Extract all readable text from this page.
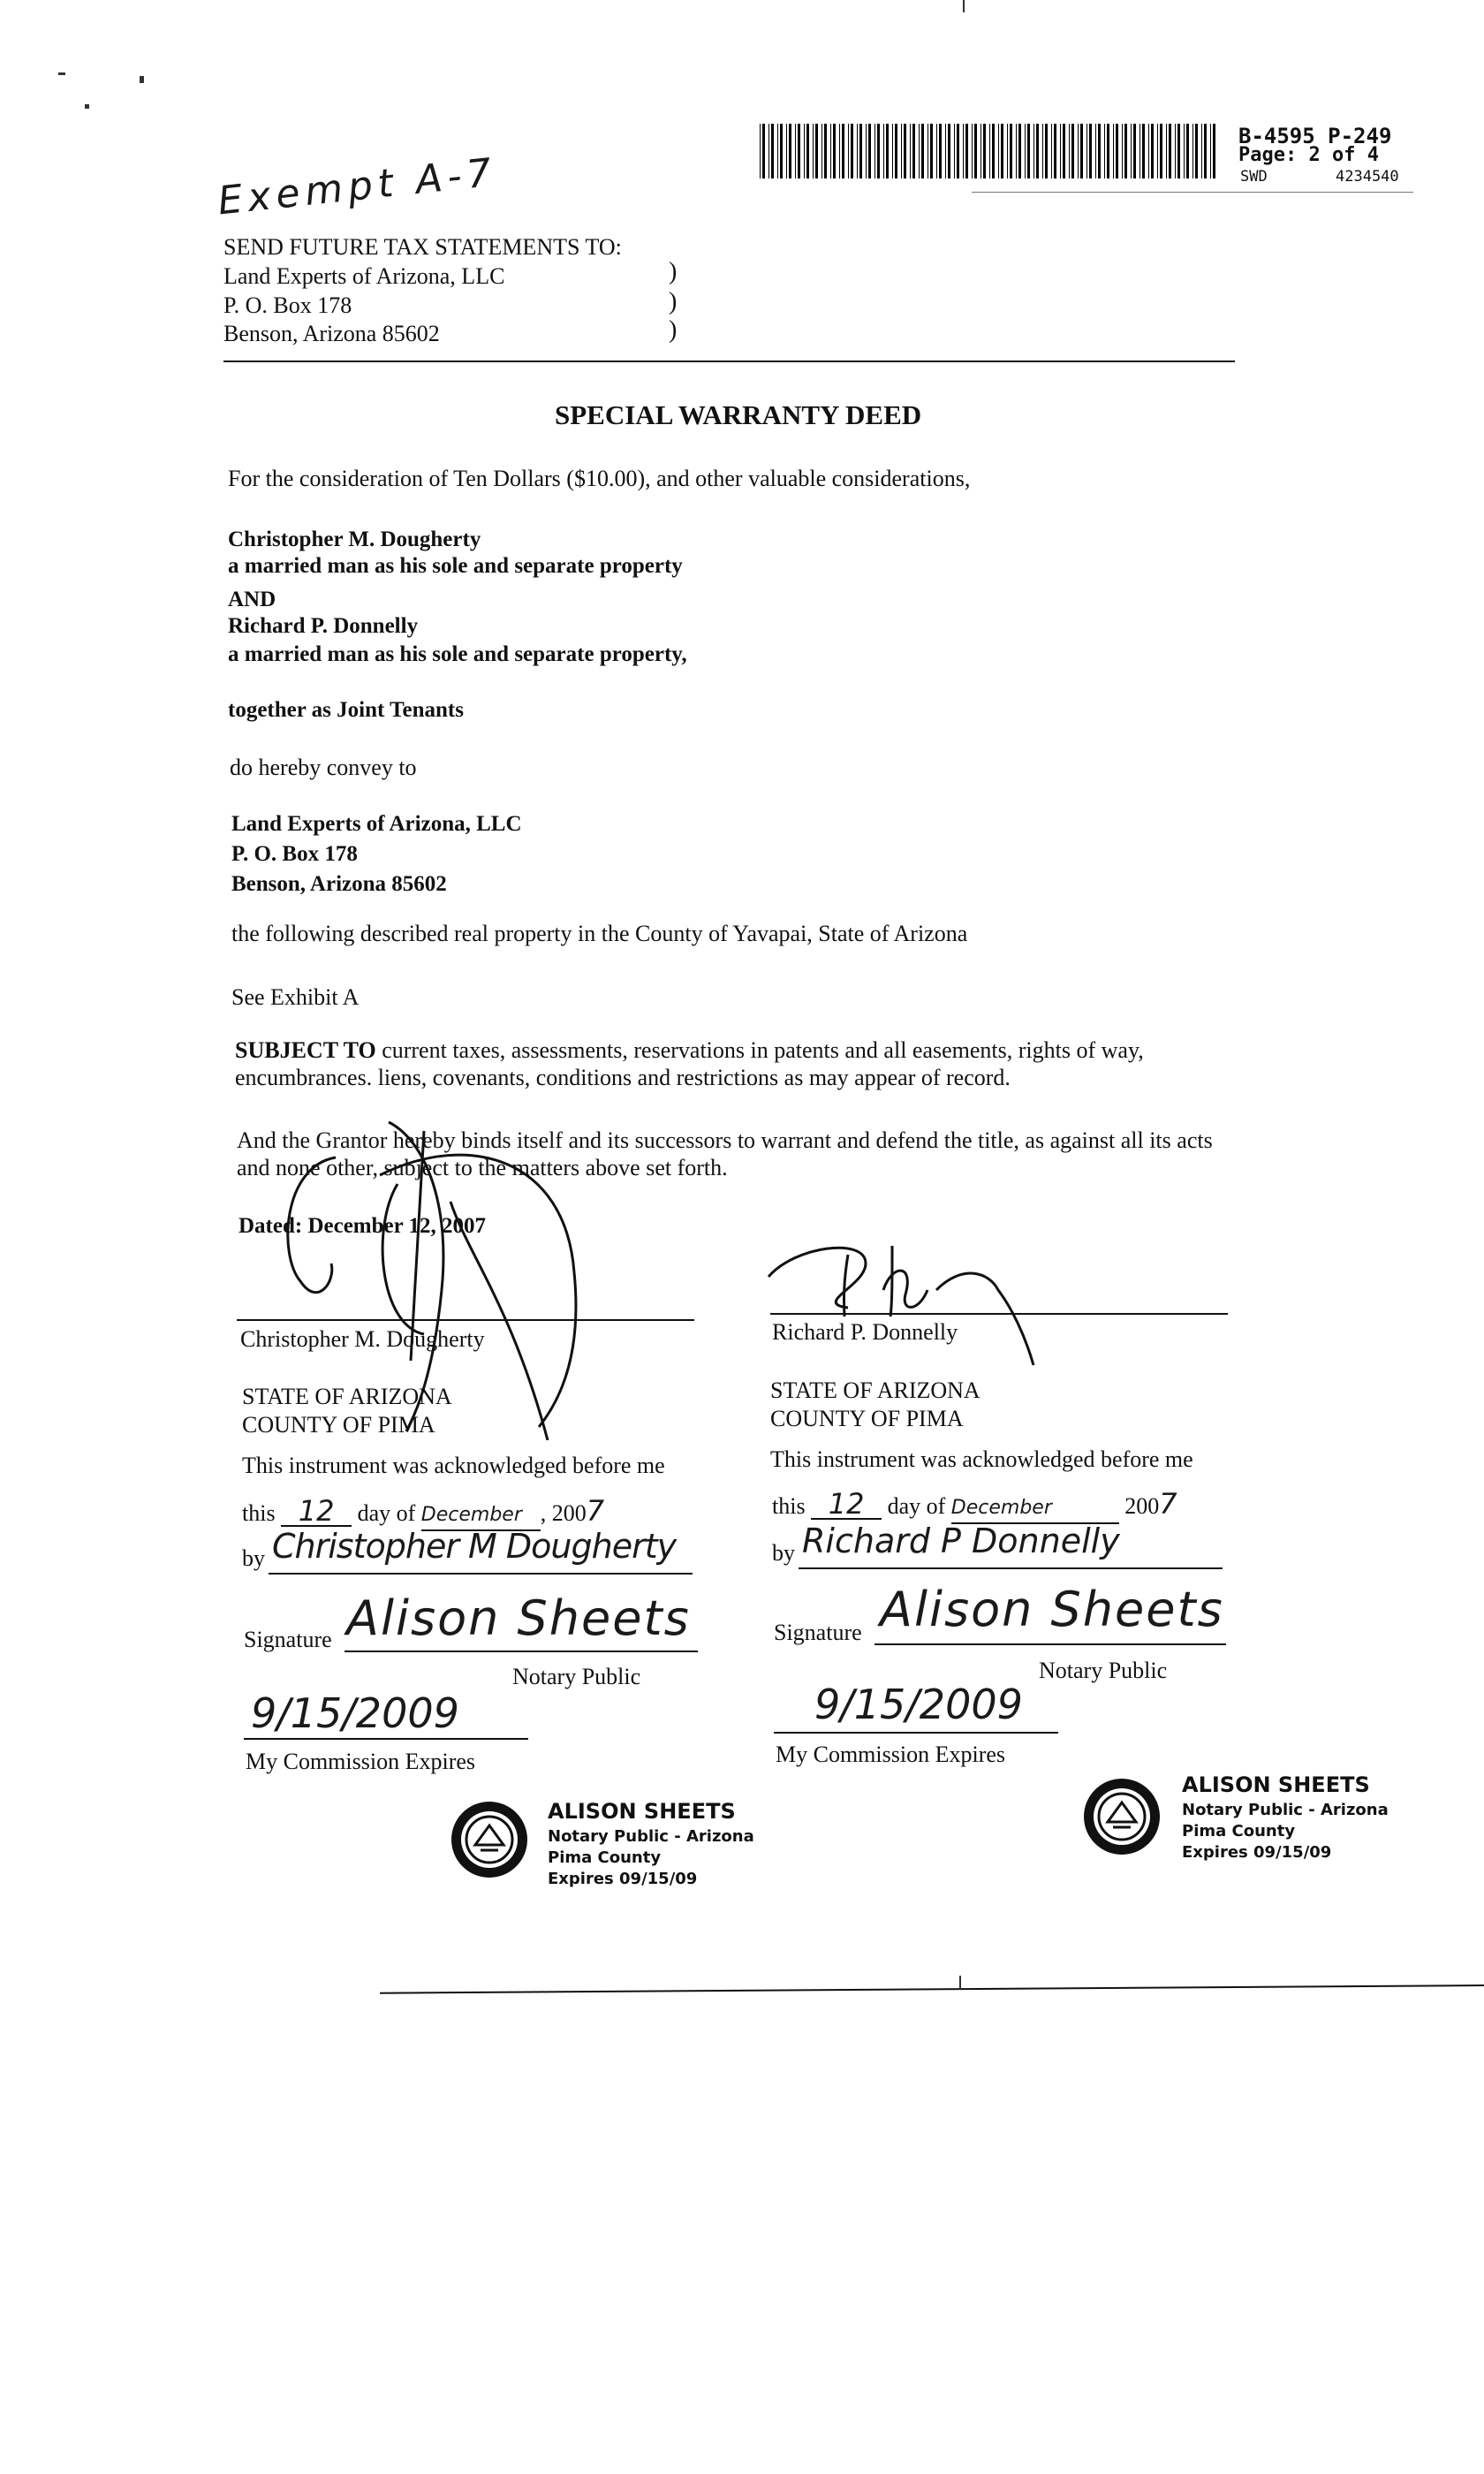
B-4595 P-249
Page: 2 of 4
SWD	4234540
Exempt A-7
SEND FUTURE TAX STATEMENTS TO:
Land Experts of Arizona, LLC
P. O. Box 178
Benson, Arizona 85602
)
)
)
SPECIAL WARRANTY DEED
For the consideration of Ten Dollars ($10.00), and other valuable considerations,
Christopher M. Dougherty
a married man as his sole and separate property
AND
Richard P. Donnelly
a married man as his sole and separate property,
together as Joint Tenants
do hereby convey to
Land Experts of Arizona, LLC
P. O. Box 178
Benson, Arizona 85602
the following described real property in the County of Yavapai, State of Arizona
See Exhibit A
SUBJECT TO current taxes, assessments, reservations in patents and all easements, rights of way,
encumbrances. liens, covenants, conditions and restrictions as may appear of record.
And the Grantor hereby binds itself and its successors to warrant and defend the title, as against all its acts
and none other, subject to the matters above set forth.
Dated: December 12, 2007
Christopher M. Dougherty	Richard P. Donnelly
STATE OF ARIZONA
COUNTY OF PIMA
This instrument was acknowledged before me
this 12 day of December , 2007
by Christopher M Dougherty
Signature Alison Sheets
Notary Public
9/15/2009
My Commission Expires
STATE OF ARIZONA
COUNTY OF PIMA
This instrument was acknowledged before me
this 12 day of December	2007
by Richard P Donnelly
Signature Alison Sheets
Notary Public
9/15/2009
My Commission Expires
ALISON SHEETS
Notary Public - Arizona
Pima County
Expires 09/15/09
ALISON SHEETS
Notary Public - Arizona
Pima County
Expires 09/15/09
